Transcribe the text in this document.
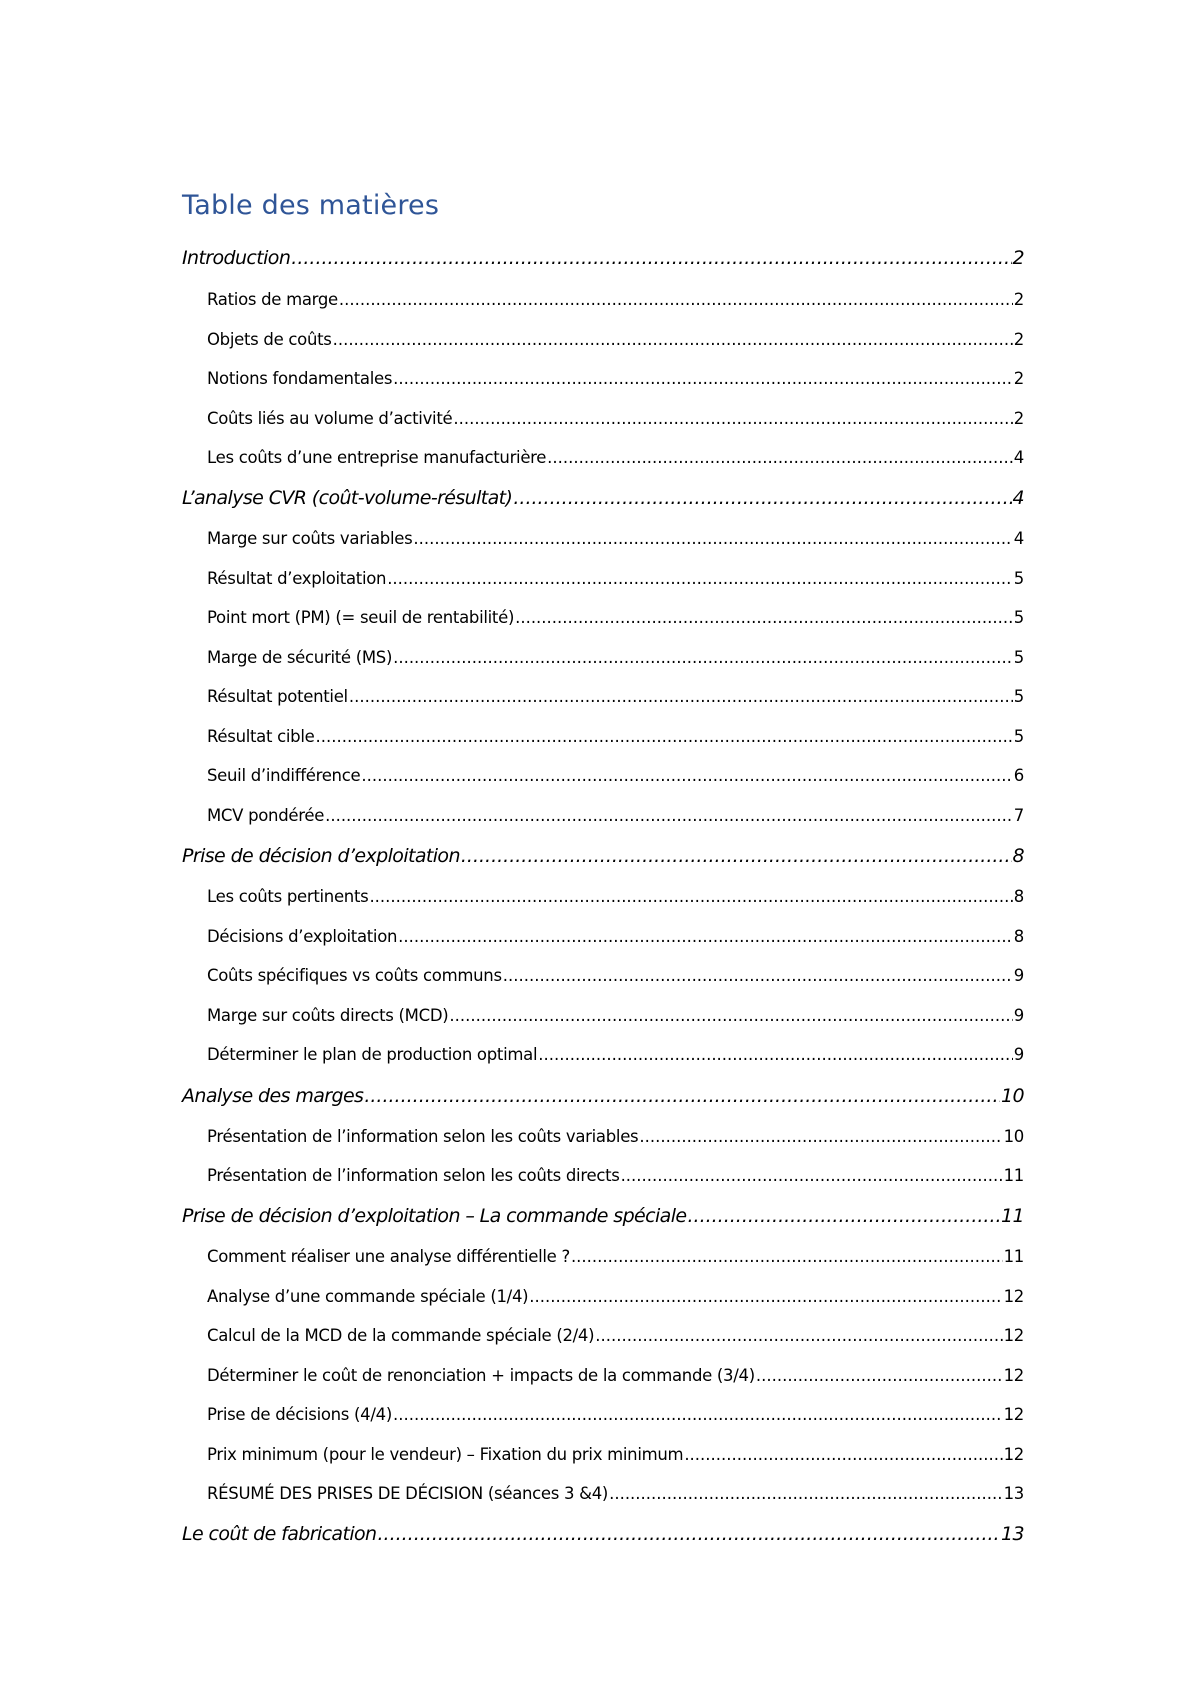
Table des matières
Introduction .....	2
Ratios de marge .....	2
Objets de coûts .....	2
Notions fondamentales .....	2
Coûts liés au volume d’activité .....	2
Les coûts d’une entreprise manufacturière .....	4
L’analyse CVR (coût-volume-résultat) .....	4
Marge sur coûts variables .....	4
Résultat d’exploitation .....	5
Point mort (PM) (= seuil de rentabilité) .....	5
Marge de sécurité (MS) .....	5
Résultat potentiel .....	5
Résultat cible .....	5
Seuil d’indifférence .....	6
MCV pondérée .....	7
Prise de décision d’exploitation .....	8
Les coûts pertinents .....	8
Décisions d’exploitation .....	8
Coûts spécifiques vs coûts communs .....	9
Marge sur coûts directs (MCD) .....	9
Déterminer le plan de production optimal .....	9
Analyse des marges .....	10
Présentation de l’information selon les coûts variables .....	10
Présentation de l’information selon les coûts directs .....	11
Prise de décision d’exploitation – La commande spéciale .....	11
Comment réaliser une analyse différentielle ? .....	11
Analyse d’une commande spéciale (1/4) .....	12
Calcul de la MCD de la commande spéciale (2/4) .....	12
Déterminer le coût de renonciation + impacts de la commande (3/4) .....	12
Prise de décisions (4/4) .....	12
Prix minimum (pour le vendeur) – Fixation du prix minimum .....	12
RÉSUMÉ DES PRISES DE DÉCISION (séances 3 &4) .....	13
Le coût de fabrication .....	13
